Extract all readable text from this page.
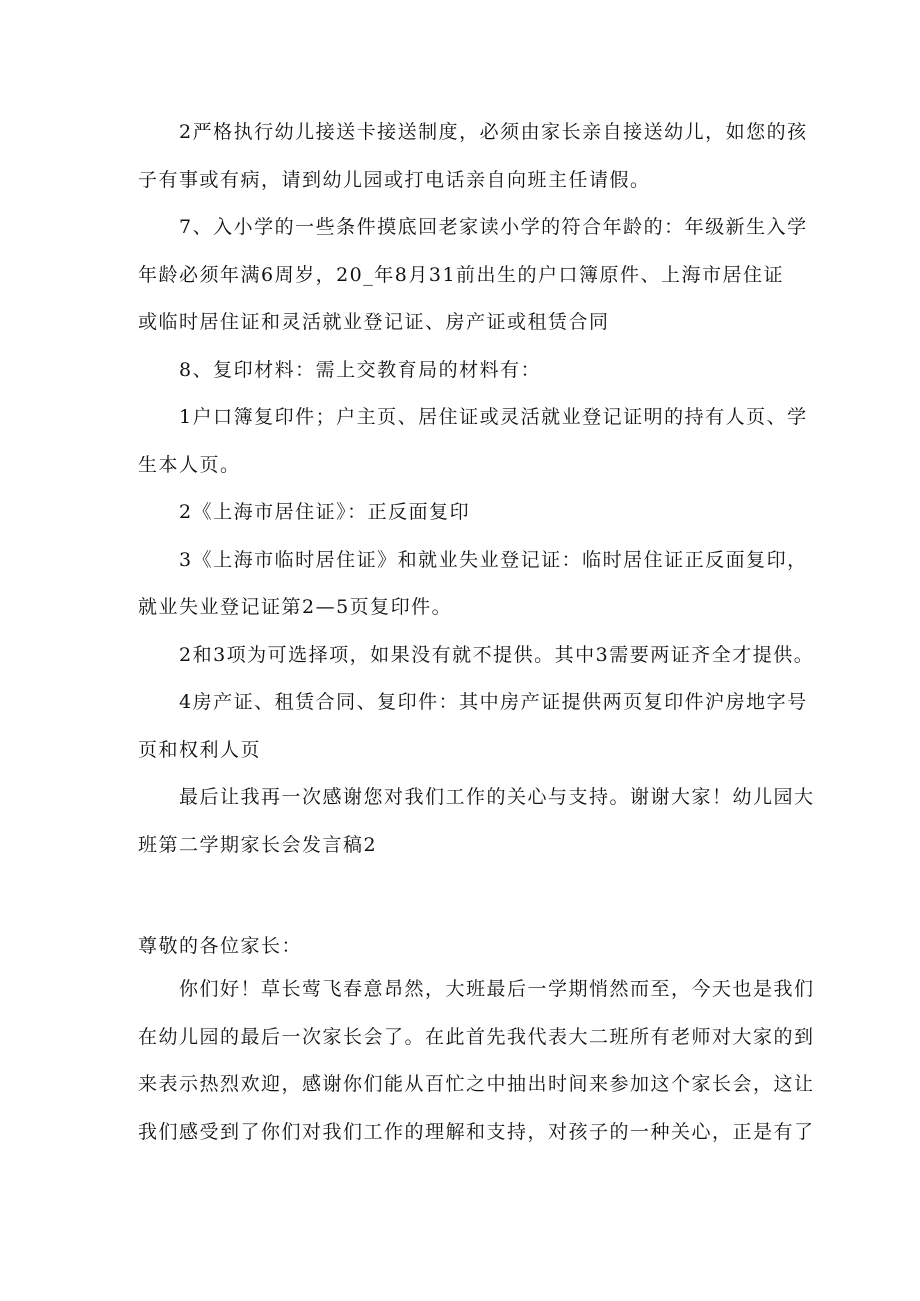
2严格执行幼儿接送卡接送制度，必须由家长亲自接送幼儿，如您的孩
子有事或有病，请到幼儿园或打电话亲自向班主任请假。
7、入小学的一些条件摸底回老家读小学的符合年龄的：年级新生入学
年龄必须年满6周岁，20_年8月31前出生的户口簿原件、上海市居住证
或临时居住证和灵活就业登记证、房产证或租赁合同
8、复印材料：需上交教育局的材料有：
1户口簿复印件；户主页、居住证或灵活就业登记证明的持有人页、学
生本人页。
2《上海市居住证》：正反面复印
3《上海市临时居住证》和就业失业登记证：临时居住证正反面复印，
就业失业登记证第2—5页复印件。
2和3项为可选择项，如果没有就不提供。其中3需要两证齐全才提供。
4房产证、租赁合同、复印件：其中房产证提供两页复印件沪房地字号
页和权利人页
最后让我再一次感谢您对我们工作的关心与支持。谢谢大家！幼儿园大
班第二学期家长会发言稿2
尊敬的各位家长：
你们好！草长莺飞春意昂然，大班最后一学期悄然而至，今天也是我们
在幼儿园的最后一次家长会了。在此首先我代表大二班所有老师对大家的到
来表示热烈欢迎，感谢你们能从百忙之中抽出时间来参加这个家长会，这让
我们感受到了你们对我们工作的理解和支持，对孩子的一种关心，正是有了
